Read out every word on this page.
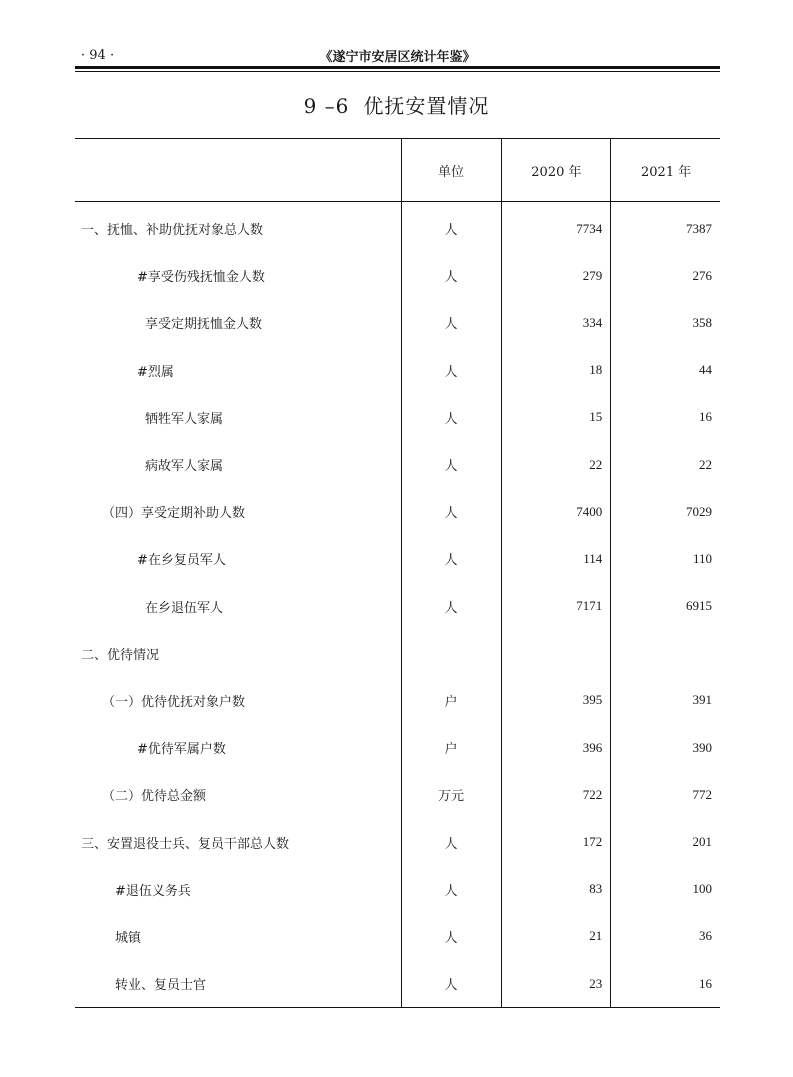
· 94 ·	《遂宁市安居区统计年鉴》
9 –6 优抚安置情况
	单位	2020 年	2021 年
一、抚恤、补助优抚对象总人数	人	7734	7387
#享受伤残抚恤金人数	人	279	276
享受定期抚恤金人数	人	334	358
#烈属	人	18	44
牺牲军人家属	人	15	16
病故军人家属	人	22	22
（四）享受定期补助人数	人	7400	7029
#在乡复员军人	人	114	110
在乡退伍军人	人	7171	6915
二、优待情况			
（一）优待优抚对象户数	户	395	391
#优待军属户数	户	396	390
（二）优待总金额	万元	722	772
三、安置退役士兵、复员干部总人数	人	172	201
#退伍义务兵	人	83	100
城镇	人	21	36
转业、复员士官	人	23	16
